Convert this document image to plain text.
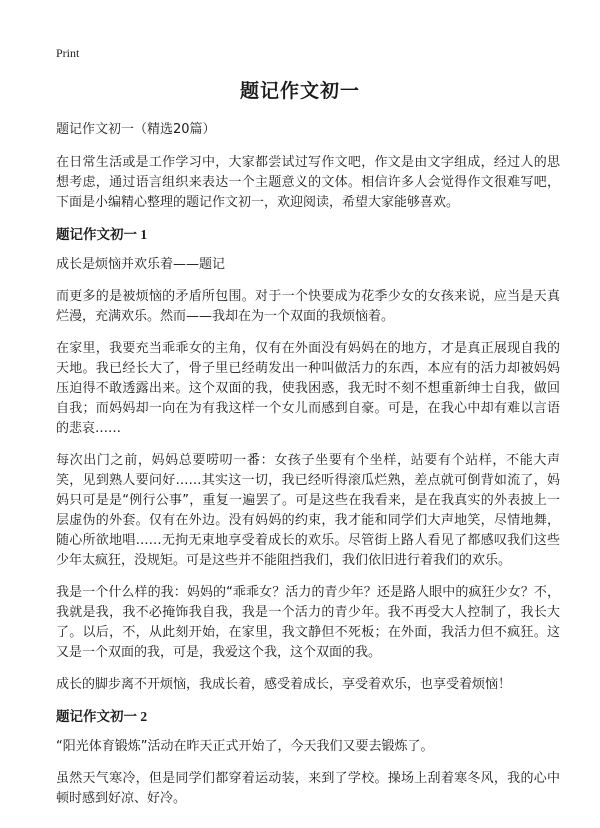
Print
题记作文初一
题记作文初一（精选20篇）

在日常生活或是工作学习中，大家都尝试过写作文吧，作文是由文字组成，经过人的思想考虑，通过语言组织来表达一个主题意义的文体。相信许多人会觉得作文很难写吧，下面是小编精心整理的题记作文初一，欢迎阅读，希望大家能够喜欢。

题记作文初一 1

成长是烦恼并欢乐着——题记

而更多的是被烦恼的矛盾所包围。对于一个快要成为花季少女的女孩来说，应当是天真烂漫，充满欢乐。然而——我却在为一个双面的我烦恼着。

在家里，我要充当乖乖女的主角，仅有在外面没有妈妈在的地方，才是真正展现自我的天地。我已经长大了，骨子里已经萌发出一种叫做活力的东西，本应有的活力却被妈妈压迫得不敢透露出来。这个双面的我，使我困惑，我无时不刻不想重新绅士自我，做回自我；而妈妈却一向在为有我这样一个女儿而感到自豪。可是，在我心中却有难以言语的悲哀……

每次出门之前，妈妈总要唠叨一番：女孩子坐要有个坐样，站要有个站样，不能大声笑，见到熟人要问好……其实这一切，我已经听得滚瓜烂熟，差点就可倒背如流了，妈妈只可是是“例行公事”，重复一遍罢了。可是这些在我看来，是在我真实的外表披上一层虚伪的外套。仅有在外边。没有妈妈的约束，我才能和同学们大声地笑，尽情地舞，随心所欲地唱……无拘无束地享受着成长的欢乐。尽管街上路人看见了都感叹我们这些少年太疯狂，没规矩。可是这些并不能阻挡我们，我们依旧进行着我们的欢乐。

我是一个什么样的我：妈妈的“乖乖女？活力的青少年？还是路人眼中的疯狂少女？不，我就是我，我不必掩饰我自我，我是一个活力的青少年。我不再受大人控制了，我长大了。以后，不，从此刻开始，在家里，我文静但不死板；在外面，我活力但不疯狂。这又是一个双面的我，可是，我爱这个我，这个双面的我。

成长的脚步离不开烦恼，我成长着，感受着成长，享受着欢乐，也享受着烦恼！

题记作文初一 2

“阳光体育锻炼”活动在昨天正式开始了，今天我们又要去锻炼了。

虽然天气寒冷，但是同学们都穿着运动装，来到了学校。操场上刮着寒冬风，我的心中顿时感到好凉、好冷。
